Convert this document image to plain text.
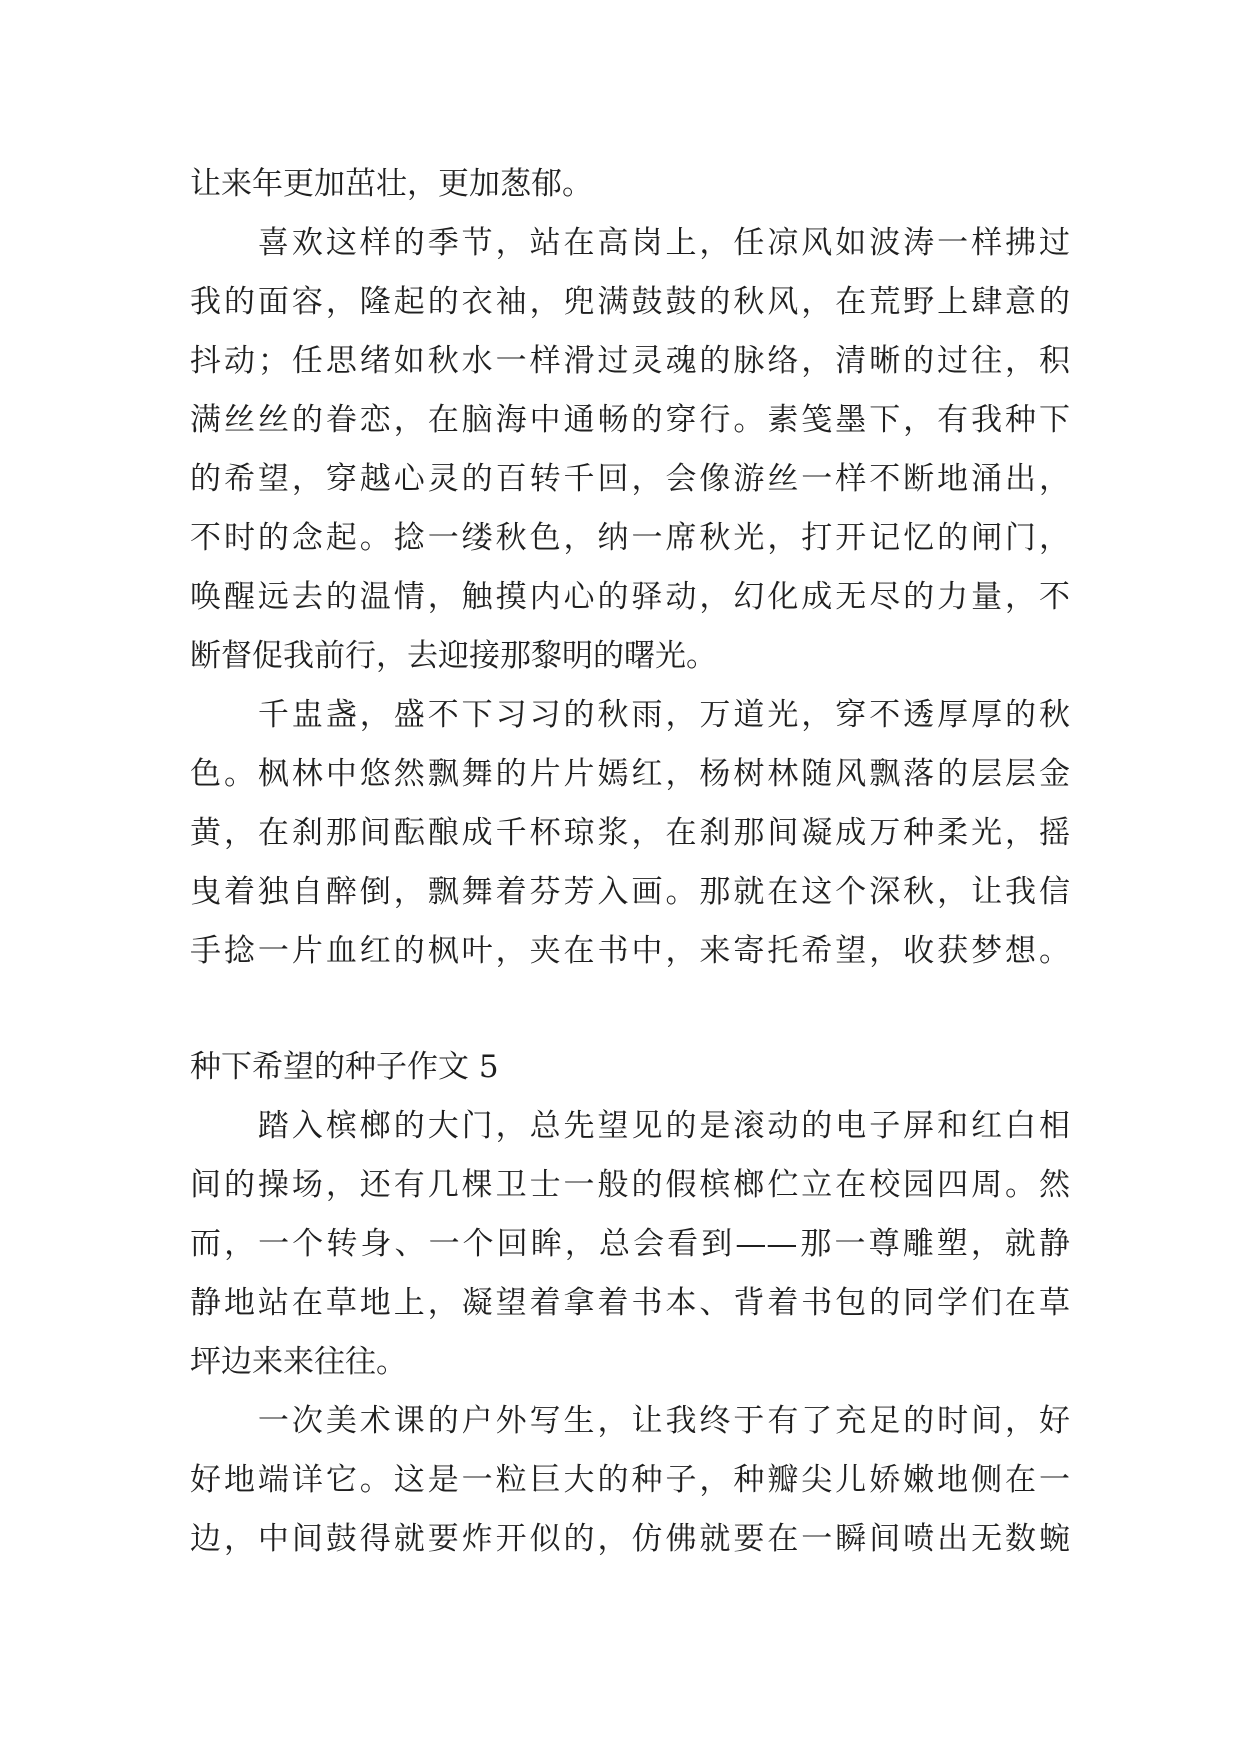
让来年更加茁壮，更加葱郁。
　　喜欢这样的季节，站在高岗上，任凉风如波涛一样拂过
我的面容，隆起的衣袖，兜满鼓鼓的秋风，在荒野上肆意的
抖动；任思绪如秋水一样滑过灵魂的脉络，清晰的过往，积
满丝丝的眷恋，在脑海中通畅的穿行。素笺墨下，有我种下
的希望，穿越心灵的百转千回，会像游丝一样不断地涌出，
不时的念起。捻一缕秋色，纳一席秋光，打开记忆的闸门，
唤醒远去的温情，触摸内心的驿动，幻化成无尽的力量，不
断督促我前行，去迎接那黎明的曙光。
　　千盅盏，盛不下习习的秋雨，万道光，穿不透厚厚的秋
色。枫林中悠然飘舞的片片嫣红，杨树林随风飘落的层层金
黄，在刹那间酝酿成千杯琼浆，在刹那间凝成万种柔光，摇
曳着独自醉倒，飘舞着芬芳入画。那就在这个深秋，让我信
手捻一片血红的枫叶，夹在书中，来寄托希望，收获梦想。
种下希望的种子作文 5
　　踏入槟榔的大门，总先望见的是滚动的电子屏和红白相
间的操场，还有几棵卫士一般的假槟榔伫立在校园四周。然
而，一个转身、一个回眸，总会看到——那一尊雕塑，就静
静地站在草地上，凝望着拿着书本、背着书包的同学们在草
坪边来来往往。
　　一次美术课的户外写生，让我终于有了充足的时间，好
好地端详它。这是一粒巨大的种子，种瓣尖儿娇嫩地侧在一
边，中间鼓得就要炸开似的，仿佛就要在一瞬间喷出无数蜿
